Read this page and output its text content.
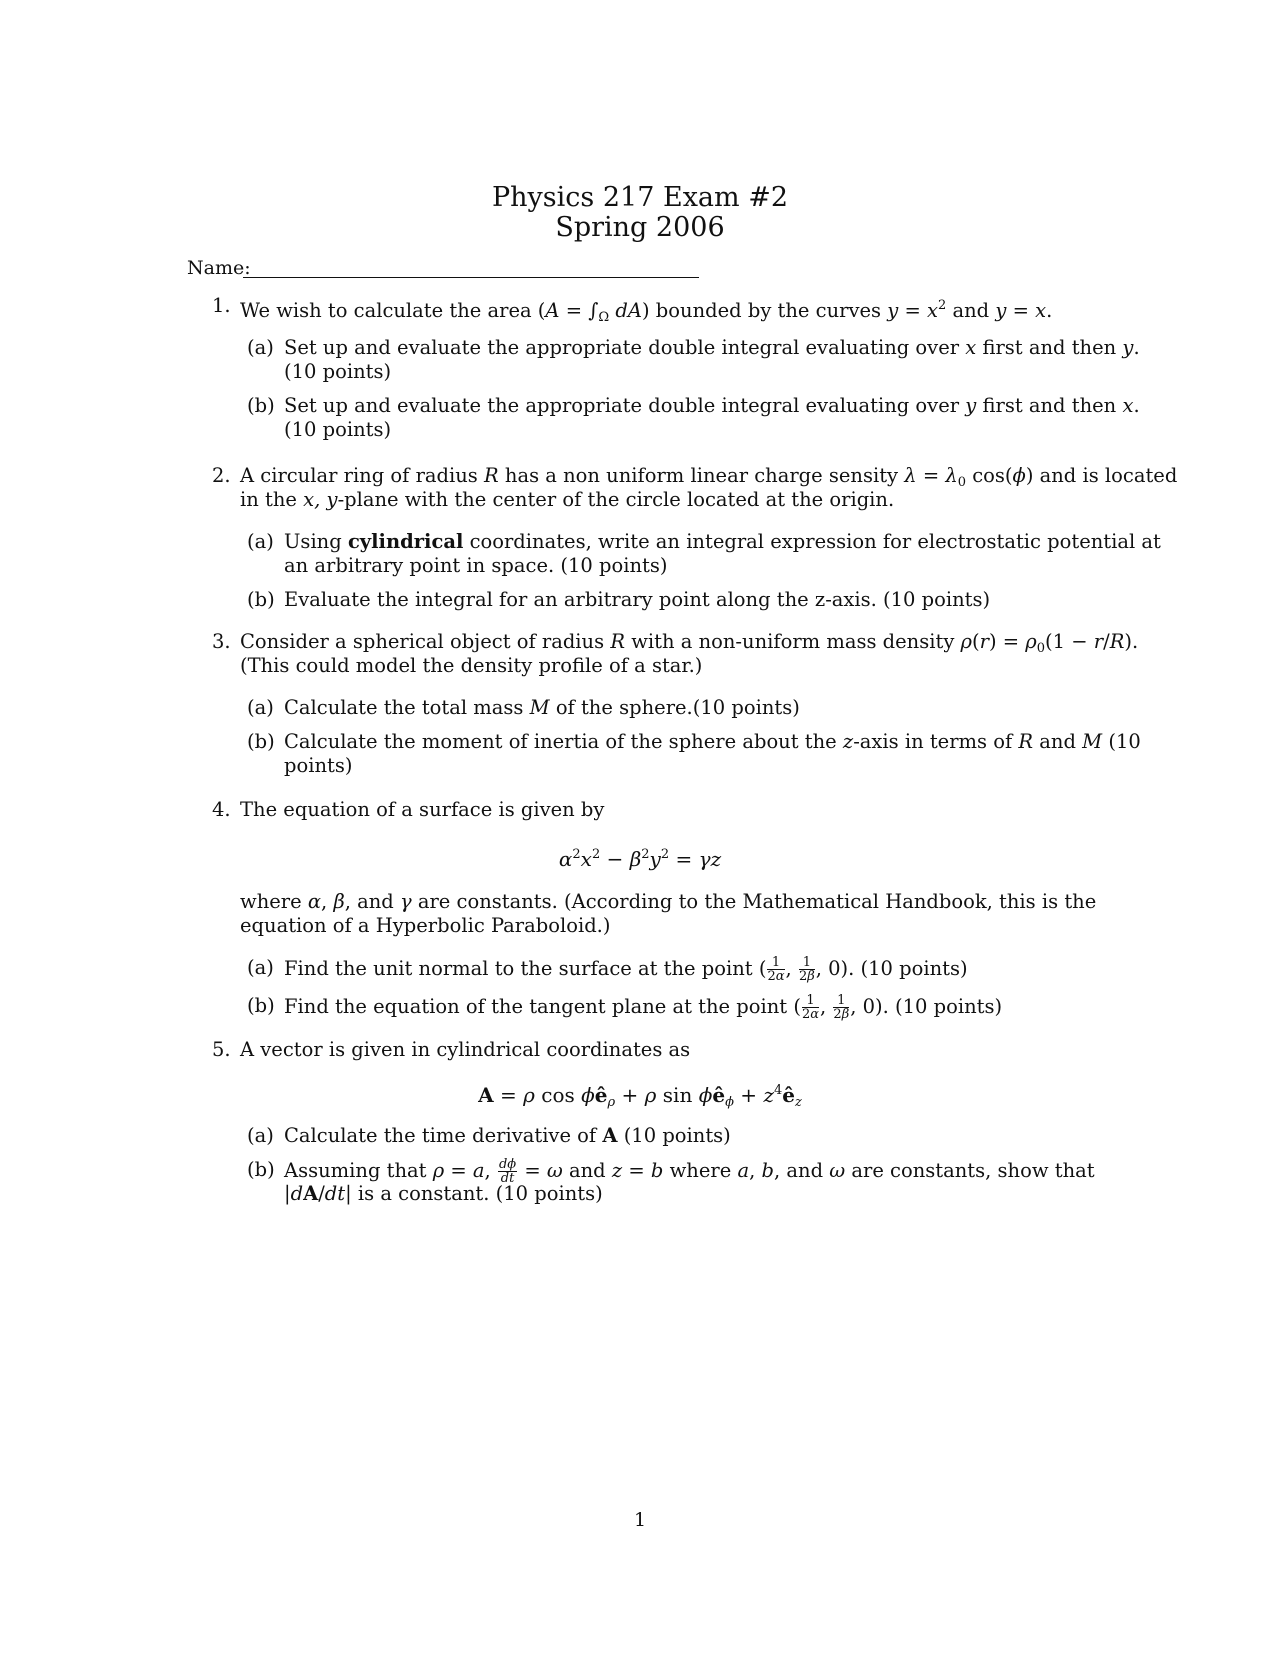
Physics 217 Exam #2
Spring 2006
Name:
1. We wish to calculate the area ($A = \int_\Omega$ dA) bounded by the curves $y = x^2$ and y = x.
(a) Set up and evaluate the appropriate double integral evaluating over x first and then y.
(10 points)
(b) Set up and evaluate the appropriate double integral evaluating over y first and then x.
(10 points)
2. A circular ring of radius R has a non uniform linear charge sensity $\lambda = \lambda_0$ cos(ϕ) and is located
in the x, y-plane with the center of the circle located at the origin.
(a) Using cylindrical coordinates, write an integral expression for electrostatic potential at
an arbitrary point in space. (10 points)
(b) Evaluate the integral for an arbitrary point along the z-axis. (10 points)
3. Consider a spherical object of radius R with a non-uniform mass density $\rho(r) = \rho_0(1 - r/R)$.
(This could model the density profile of a star.)
(a) Calculate the total mass M of the sphere.(10 points)
(b) Calculate the moment of inertia of the sphere about the z-axis in terms of R and M (10
points)
4. The equation of a surface is given by
$\alpha^2x^2 - \beta^2y^2 = \gamma z$
where α, β, and γ are constants. (According to the Mathematical Handbook, this is the
equation of a Hyperbolic Paraboloid.)
(a) Find the unit normal to the surface at the point ( $\frac{1}{2\alpha}$ , $\frac{1}{2\beta}$ , 0). (10 points)
(b) Find the equation of the tangent plane at the point ( $\frac{1}{2\alpha}$ , $\frac{1}{2\beta}$ , 0). (10 points)
5. A vector is given in cylindrical coordinates as
A = ρ $\cos \phi ê_\rho + \rho$ $\sin \phi ê_\phi$ + $z^4ê_z$
(a) Calculate the time derivative of A (10 points)
(b) Assuming that ρ = a, $\frac{d\phi}{dt} = \omega$ and z = b where a, b, and ω are constants, show that
|dA/dt| is a constant. (10 points)
1
